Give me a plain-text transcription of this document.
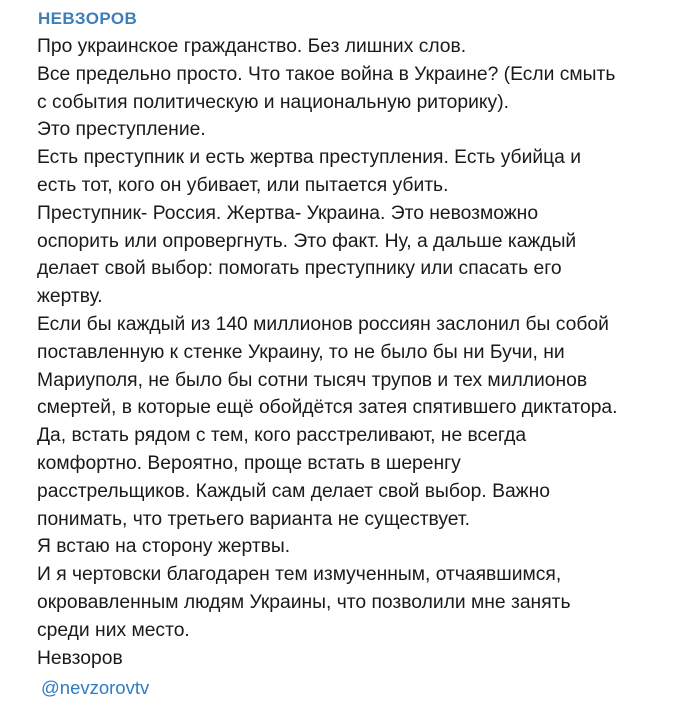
НЕВЗОРОВ
Про украинское гражданство. Без лишних слов.
Все предельно просто. Что такое война в Украине? (Если смыть
с события политическую и национальную риторику).
Это преступление.
Есть преступник и есть жертва преступления. Есть убийца и
есть тот, кого он убивает, или пытается убить.
Преступник- Россия. Жертва- Украина. Это невозможно
оспорить или опровергнуть. Это факт. Ну, а дальше каждый
делает свой выбор: помогать преступнику или спасать его
жертву.
Если бы каждый из 140 миллионов россиян заслонил бы собой
поставленную к стенке Украину, то не было бы ни Бучи, ни
Мариуполя, не было бы сотни тысяч трупов и тех миллионов
смертей, в которые ещё обойдётся затея спятившего диктатора.
Да, встать рядом с тем, кого расстреливают, не всегда
комфортно. Вероятно, проще встать в шеренгу
расстрельщиков. Каждый сам делает свой выбор. Важно
понимать, что третьего варианта не существует.
Я встаю на сторону жертвы.
И я чертовски благодарен тем измученным, отчаявшимся,
окровавленным людям Украины, что позволили мне занять
среди них место.
Невзоров
@nevzorovtv
